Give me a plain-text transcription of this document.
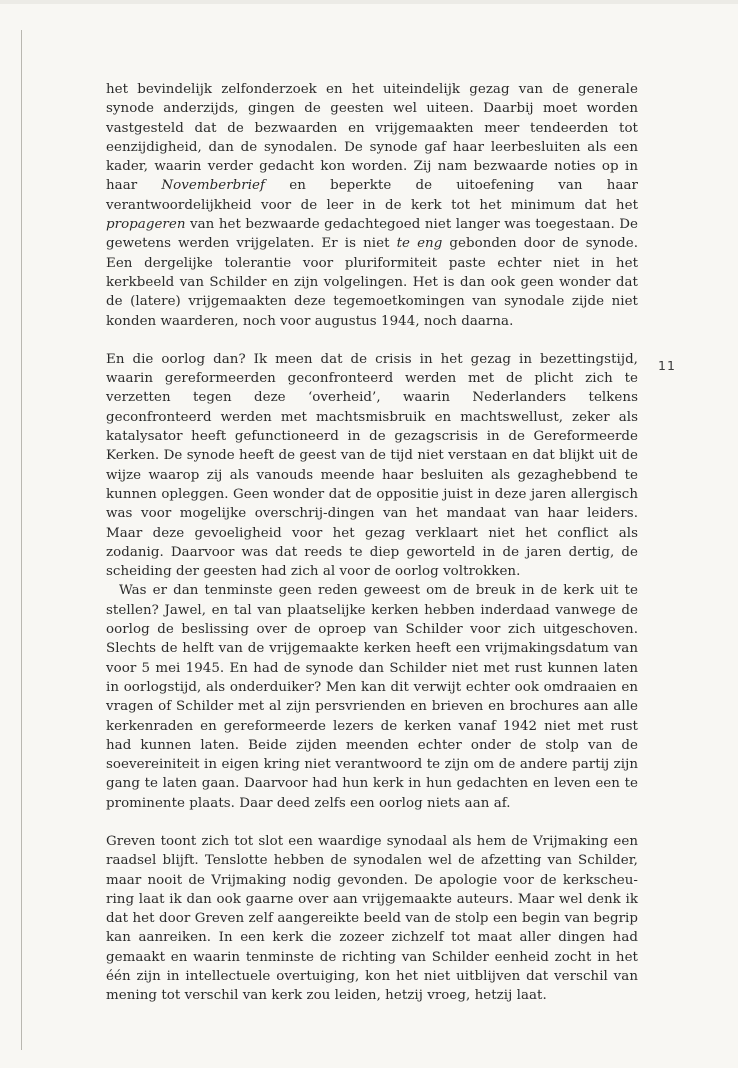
het bevindelijk zelfonderzoek en het uiteindelijk gezag van de generale synode anderzijds, gingen de geesten wel uiteen. Daarbij moet worden vastgesteld dat de bezwaarden en vrijgemaakten meer tendeerden tot eenzijdigheid, dan de synodalen. De synode gaf haar leerbesluiten als een kader, waarin verder gedacht kon worden. Zij nam bezwaarde noties op in haar Novemberbrief en beperkte de uitoefening van haar verantwoordelijkheid voor de leer in de kerk tot het minimum dat het propageren van het bezwaarde gedachtegoed niet langer was toegestaan. De gewetens werden vrijgelaten. Er is niet te eng gebonden door de synode. Een dergelijke tolerantie voor pluriformiteit paste echter niet in het kerkbeeld van Schilder en zijn volgelingen. Het is dan ook geen wonder dat de (latere) vrijgemaakten deze tegemoetkomingen van synodale zijde niet konden waarderen, noch voor augustus 1944, noch daarna.

En die oorlog dan? Ik meen dat de crisis in het gezag in bezettingstijd, waarin gereformeerden geconfronteerd werden met de plicht zich te verzetten tegen deze ‘overheid’, waarin Nederlanders telkens geconfronteerd werden met machtsmisbruik en machtswellust, zeker als katalysator heeft gefunctioneerd in de gezagscrisis in de Gereformeerde Kerken. De synode heeft de geest van de tijd niet verstaan en dat blijkt uit de wijze waarop zij als vanouds meende haar besluiten als gezaghebbend te kunnen opleggen. Geen wonder dat de oppositie juist in deze jaren allergisch was voor mogelijke overschrij-dingen van het mandaat van haar leiders. Maar deze gevoeligheid voor het gezag verklaart niet het conflict als zodanig. Daarvoor was dat reeds te diep geworteld in de jaren dertig, de scheiding der geesten had zich al voor de oorlog voltrokken.

Was er dan tenminste geen reden geweest om de breuk in de kerk uit te stellen? Jawel, en tal van plaatselijke kerken hebben inderdaad vanwege de oorlog de beslissing over de oproep van Schilder voor zich uitgeschoven. Slechts de helft van de vrijgemaakte kerken heeft een vrijmakingsdatum van voor 5 mei 1945. En had de synode dan Schilder niet met rust kunnen laten in oorlogstijd, als onderduiker? Men kan dit verwijt echter ook omdraaien en vragen of Schilder met al zijn persvrienden en brieven en brochures aan alle kerkenraden en gereformeerde lezers de kerken vanaf 1942 niet met rust had kunnen laten. Beide zijden meenden echter onder de stolp van de soevereiniteit in eigen kring niet verantwoord te zijn om de andere partij zijn gang te laten gaan. Daarvoor had hun kerk in hun gedachten en leven een te prominente plaats. Daar deed zelfs een oorlog niets aan af.

Greven toont zich tot slot een waardige synodaal als hem de Vrijmaking een raadsel blijft. Tenslotte hebben de synodalen wel de afzetting van Schilder, maar nooit de Vrijmaking nodig gevonden. De apologie voor de kerkscheu-ring laat ik dan ook gaarne over aan vrijgemaakte auteurs. Maar wel denk ik dat het door Greven zelf aangereikte beeld van de stolp een begin van begrip kan aanreiken. In een kerk die zozeer zichzelf tot maat aller dingen had gemaakt en waarin tenminste de richting van Schilder eenheid zocht in het één zijn in intellectuele overtuiging, kon het niet uitblijven dat verschil van mening tot verschil van kerk zou leiden, hetzij vroeg, hetzij laat.

11
